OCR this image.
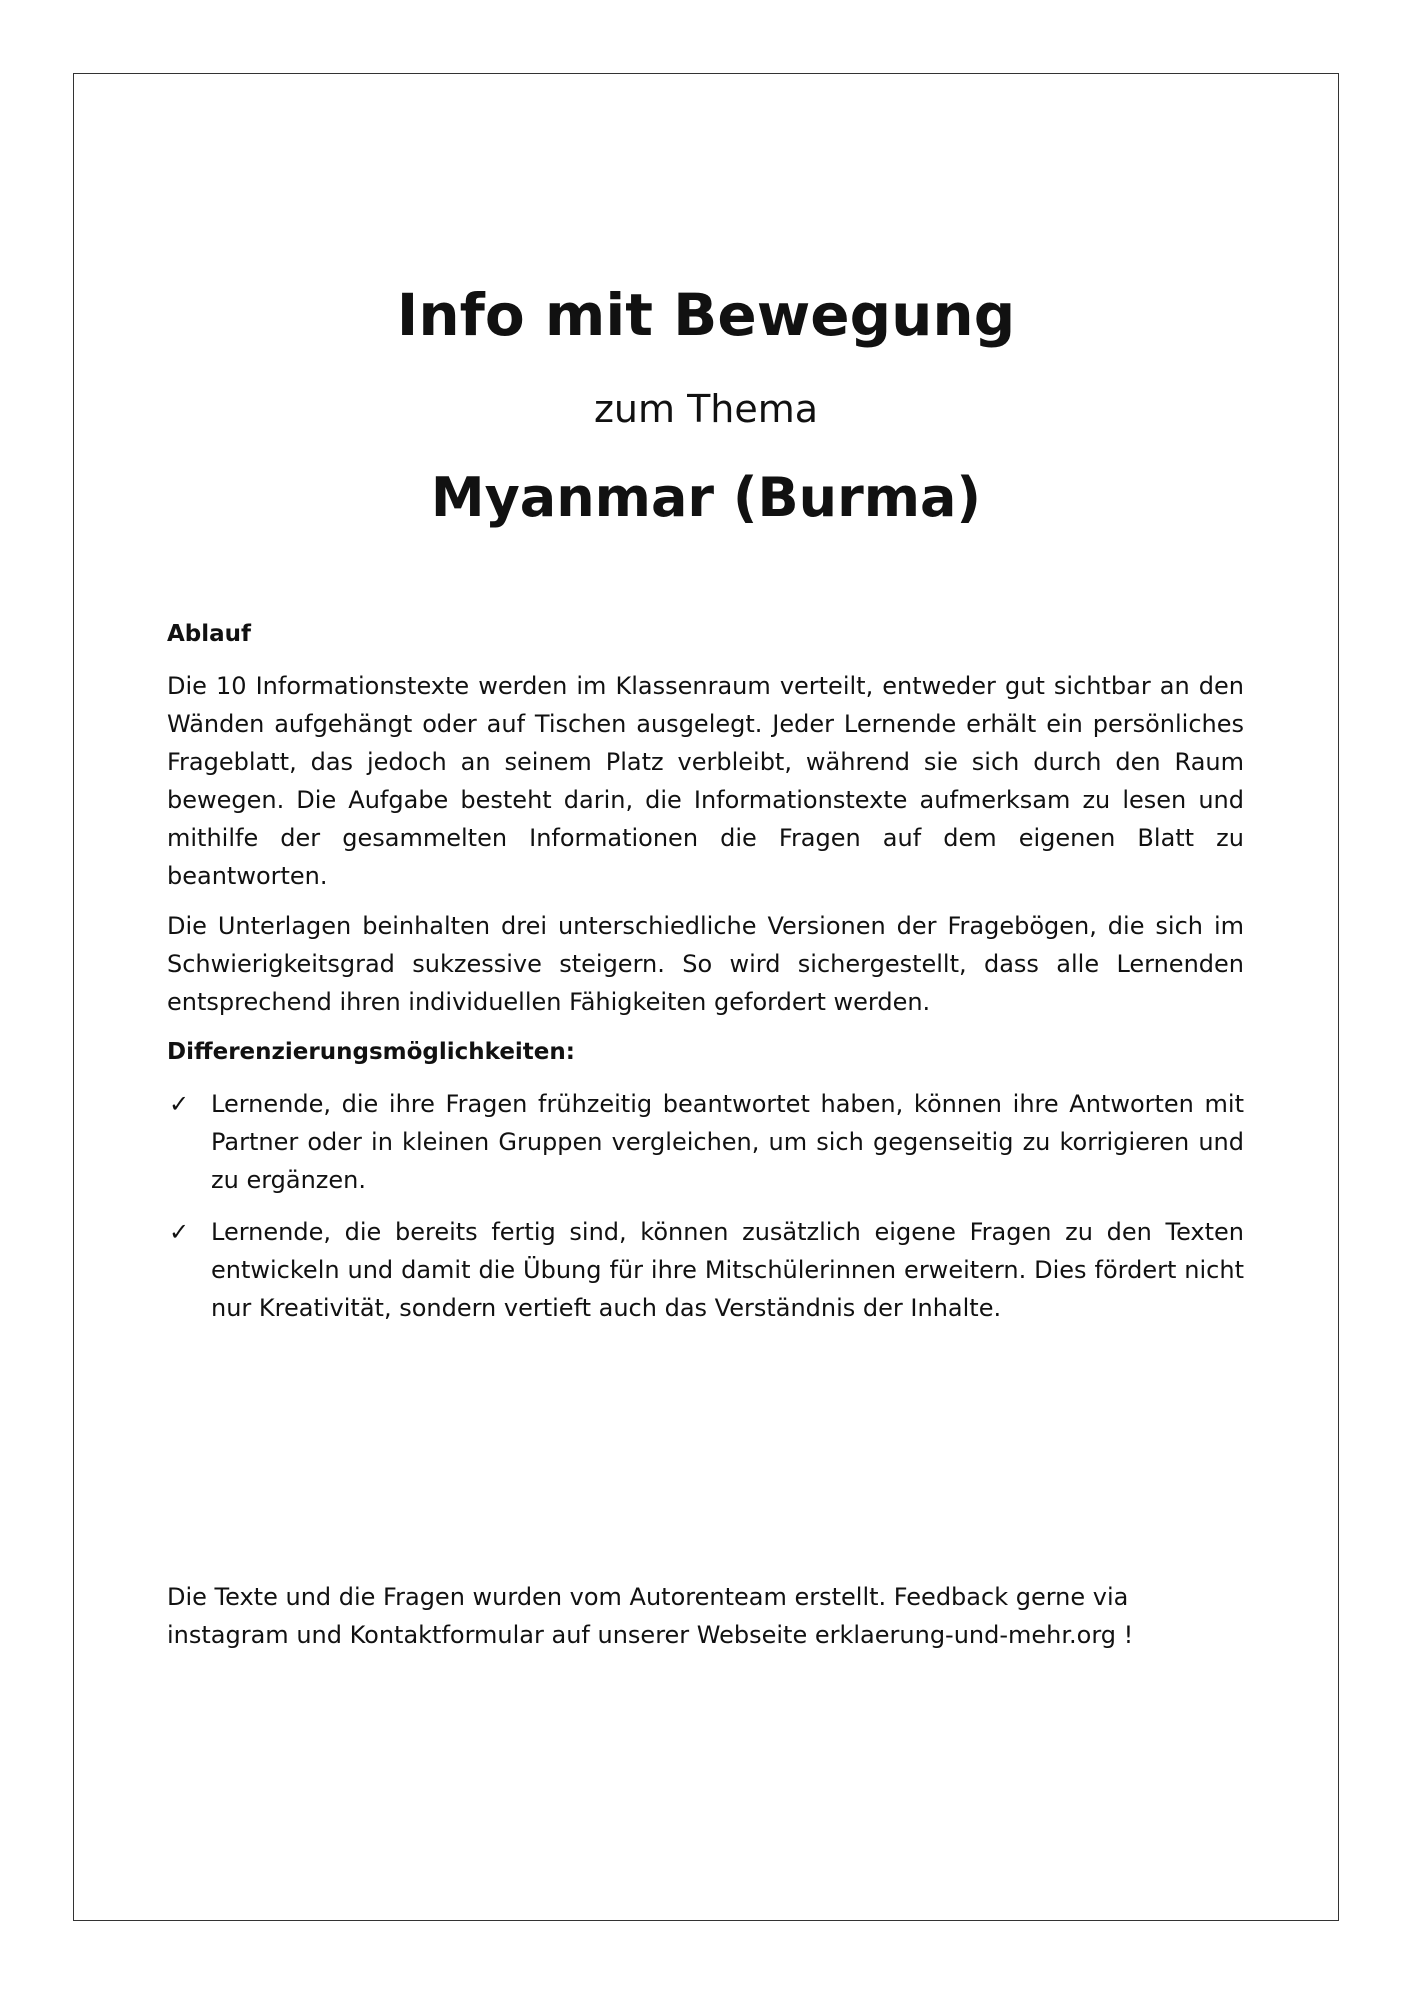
Info mit Bewegung
zum Thema
Myanmar (Burma)
Ablauf

Die 10 Informationstexte werden im Klassenraum verteilt, entweder gut sichtbar an den Wänden aufgehängt oder auf Tischen ausgelegt. Jeder Lernende erhält ein persönliches Frageblatt, das jedoch an seinem Platz verbleibt, während sie sich durch den Raum bewegen. Die Aufgabe besteht darin, die Informationstexte aufmerksam zu lesen und mithilfe der gesammelten Informationen die Fragen auf dem eigenen Blatt zu beantworten.

Die Unterlagen beinhalten drei unterschiedliche Versionen der Fragebögen, die sich im Schwierigkeitsgrad sukzessive steigern. So wird sichergestellt, dass alle Lernenden entsprechend ihren individuellen Fähigkeiten gefordert werden.

Differenzierungsmöglichkeiten:
✓ Lernende, die ihre Fragen frühzeitig beantwortet haben, können ihre Antworten mit Partner oder in kleinen Gruppen vergleichen, um sich gegenseitig zu korrigieren und zu ergänzen.
✓ Lernende, die bereits fertig sind, können zusätzlich eigene Fragen zu den Texten entwickeln und damit die Übung für ihre Mitschülerinnen erweitern. Dies fördert nicht nur Kreativität, sondern vertieft auch das Verständnis der Inhalte.
Die Texte und die Fragen wurden vom Autorenteam erstellt. Feedback gerne via instagram und Kontaktformular auf unserer Webseite erklaerung-und-mehr.org !
